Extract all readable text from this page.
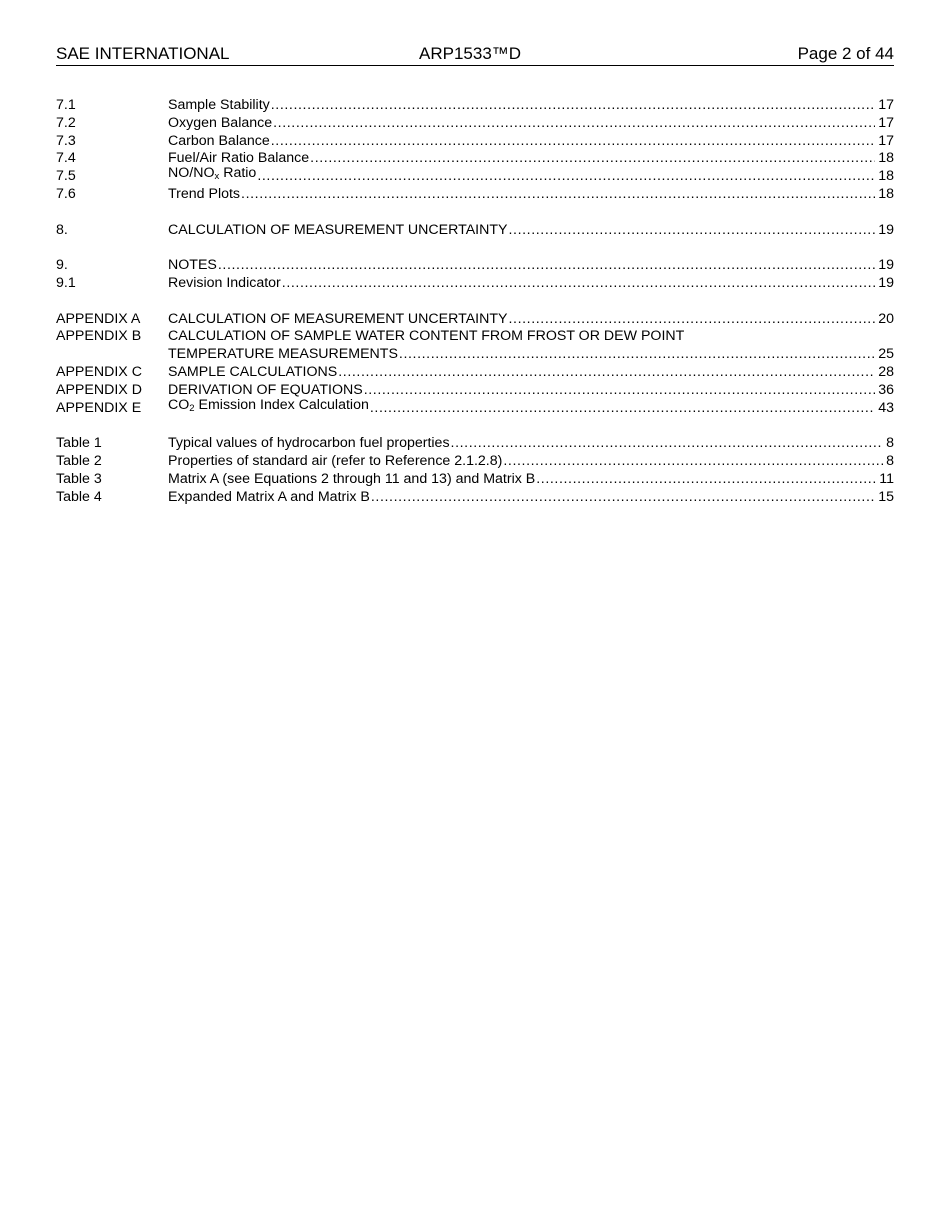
SAE INTERNATIONAL	ARP1533™D	Page 2 of 44
7.1	Sample Stability .....	17
7.2	Oxygen Balance .....	17
7.3	Carbon Balance .....	17
7.4	Fuel/Air Ratio Balance .....	18
7.5	$NO/NO_x$ Ratio .....	18
7.6	Trend Plots .....	18
8.	CALCULATION OF MEASUREMENT UNCERTAINTY .....	19
9.	NOTES .....	19
9.1	Revision Indicator .....	19
APPENDIX A	CALCULATION OF MEASUREMENT UNCERTAINTY .....	20
APPENDIX B	CALCULATION OF SAMPLE WATER CONTENT FROM FROST OR DEW POINT
TEMPERATURE MEASUREMENTS .....	25
APPENDIX C	SAMPLE CALCULATIONS .....	28
APPENDIX D	DERIVATION OF EQUATIONS .....	36
APPENDIX E	$CO_2$ Emission Index Calculation .....	43
Table 1	Typical values of hydrocarbon fuel properties .....	8
Table 2	Properties of standard air (refer to Reference 2.1.2.8) .....	8
Table 3	Matrix A (see Equations 2 through 11 and 13) and Matrix B .....	11
Table 4	Expanded Matrix A and Matrix B .....	15
